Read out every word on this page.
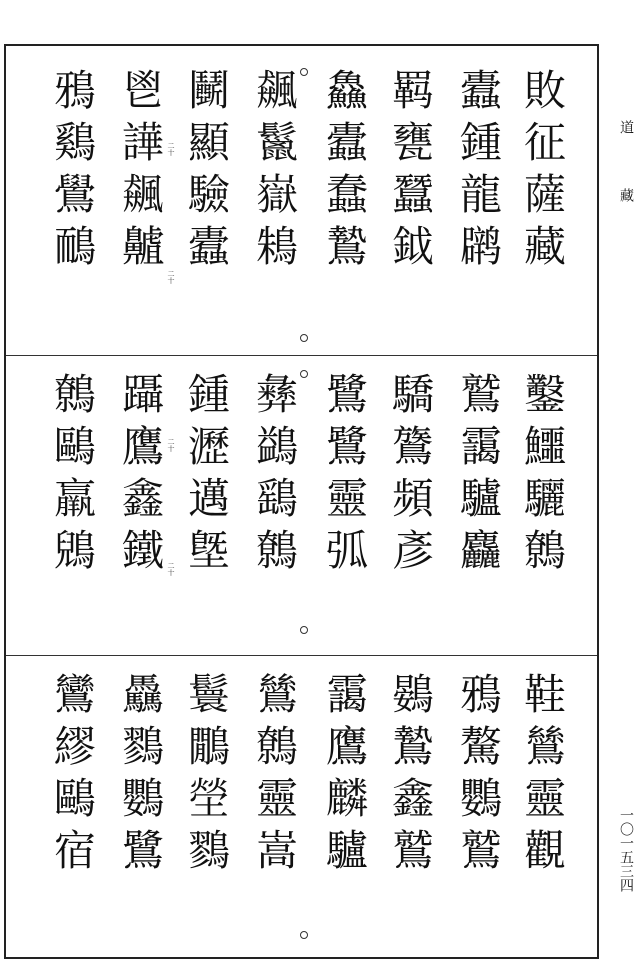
敗征薩藏
蠹鍾龍䴙
羁甕蠶鉞
鱻蠹蠢鷙
飆鬣嶽鴸
鬭顯驗蠹
鬯譁飆齇
鴉鷄鷽鴯	二十
二十
鑿鱷驪鷯
鷲靄驢麤
驕鷟頻彥
鷺鷺靈弧
彝鷁鷂鷯
鍾瀝邁墍
躡鷹鑫鐵
鷯鷗羸鶂	二十
二十
鞋鷥靈觀
鴉驁鸚鷲
鷃鷙鑫鷲
靄鷹麟驢
鷥鷯靈嵩
鬟鷳塋鷚
驫鷚鸚鷺
鸞繆鷗宿
道
藏
一〇一五三四
